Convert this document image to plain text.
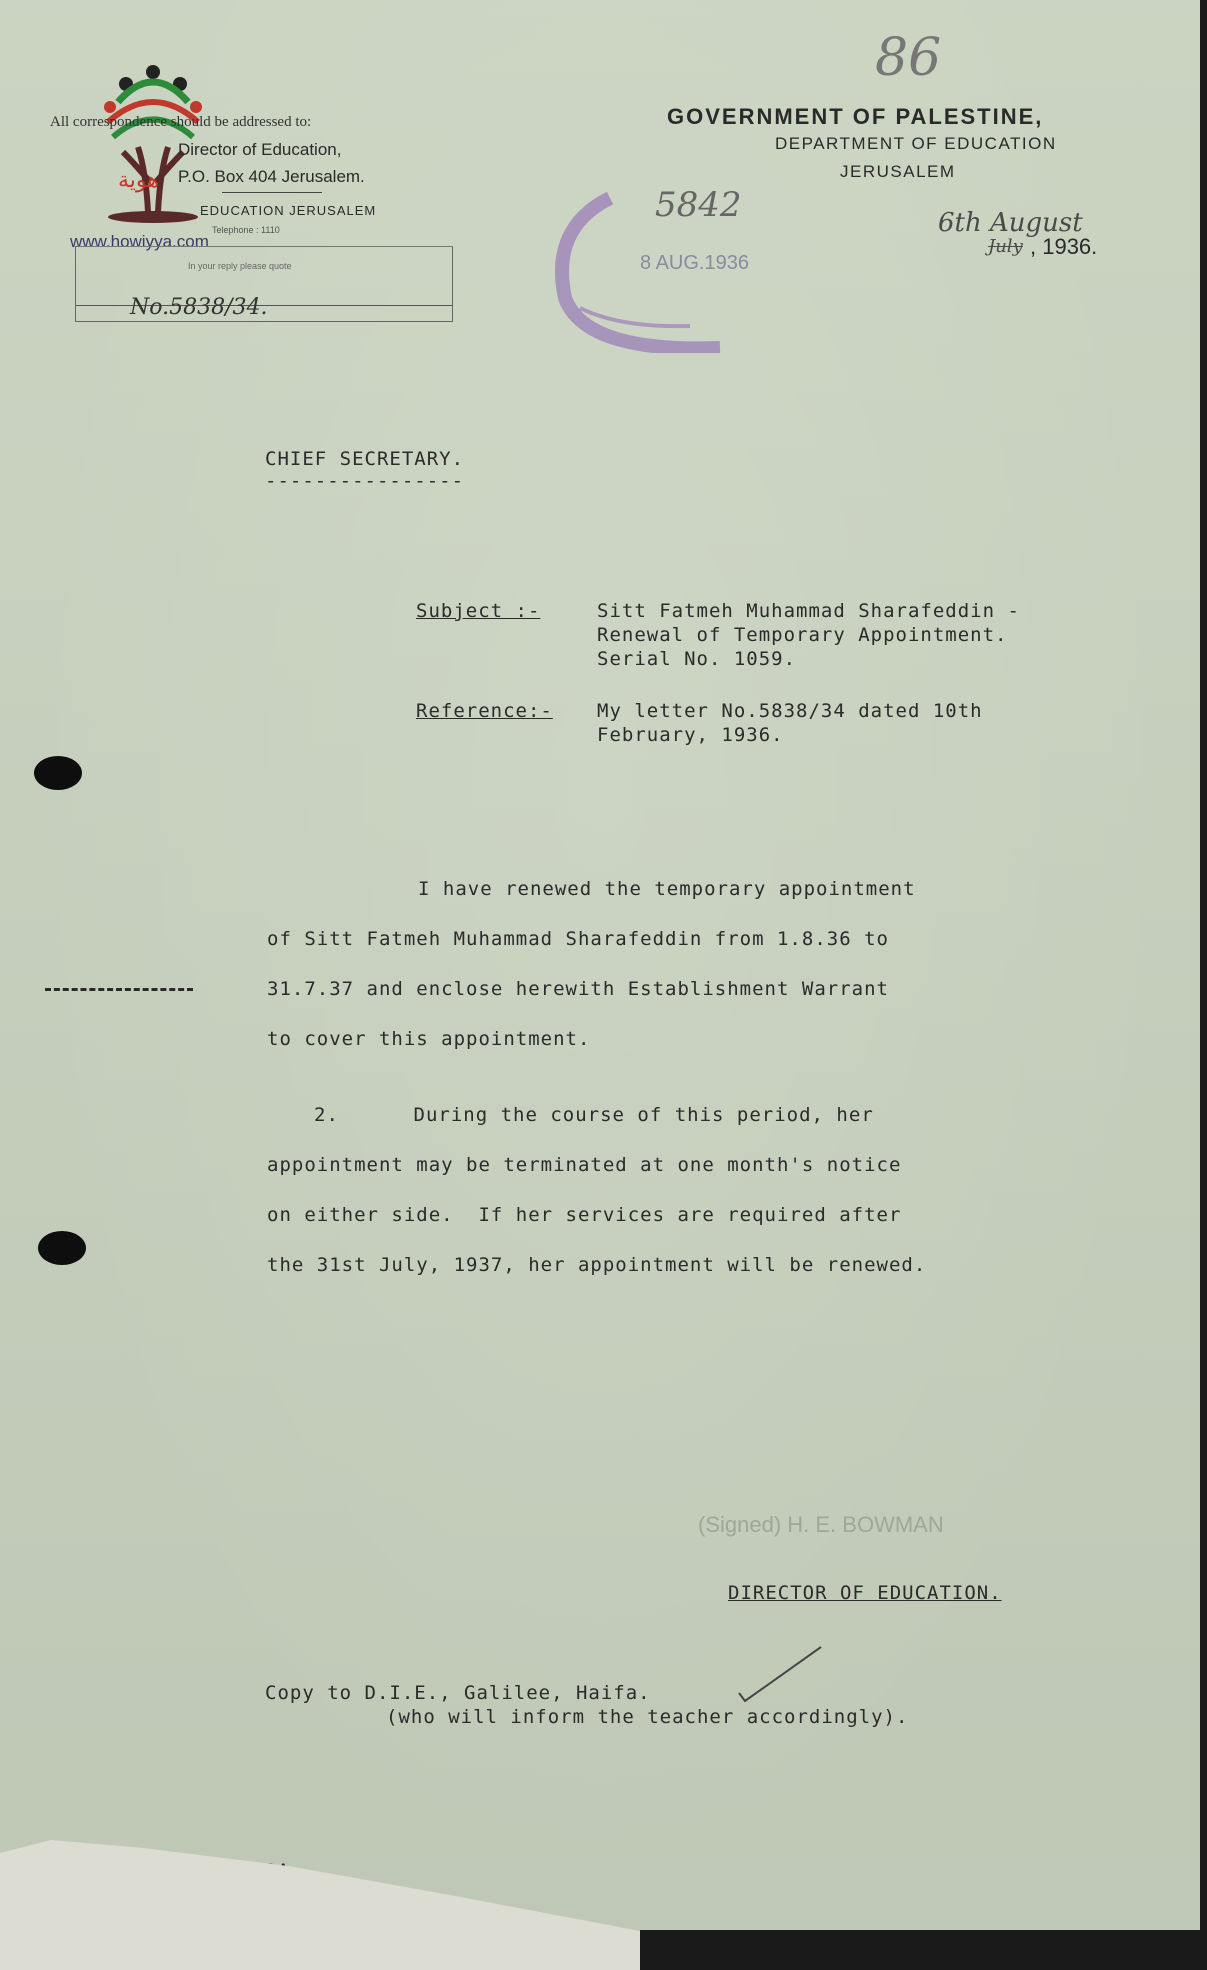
هوية
All correspondence should be addressed to:
Director of Education,
P.O. Box 404 Jerusalem.
EDUCATION JERUSALEM
Telephone : 1110
www.howiyya.com
In your reply please quote
No.5838/34.
86
GOVERNMENT OF PALESTINE,
DEPARTMENT OF EDUCATION
JERUSALEM
6th August
July , 1936.
5842
8 AUG.1936
CHIEF SECRETARY.
----------------
Subject :-	Sitt Fatmeh Muhammad Sharafeddin -
Renewal of Temporary Appointment.
Serial No. 1059.
Reference:- My letter No.5838/34 dated 10th
February, 1936.
I have renewed the temporary appointment
of Sitt Fatmeh Muhammad Sharafeddin from 1.8.36 to
31.7.37 and enclose herewith Establishment Warrant
to cover this appointment.
2.      During the course of this period, her
appointment may be terminated at one month's notice
on either side.  If her services are required after
the 31st July, 1937, her appointment will be renewed.
(Signed) H. E. BOWMAN
DIRECTOR OF EDUCATION.
Copy to D.I.E., Galilee, Haifa.
(who will inform the teacher accordingly).
